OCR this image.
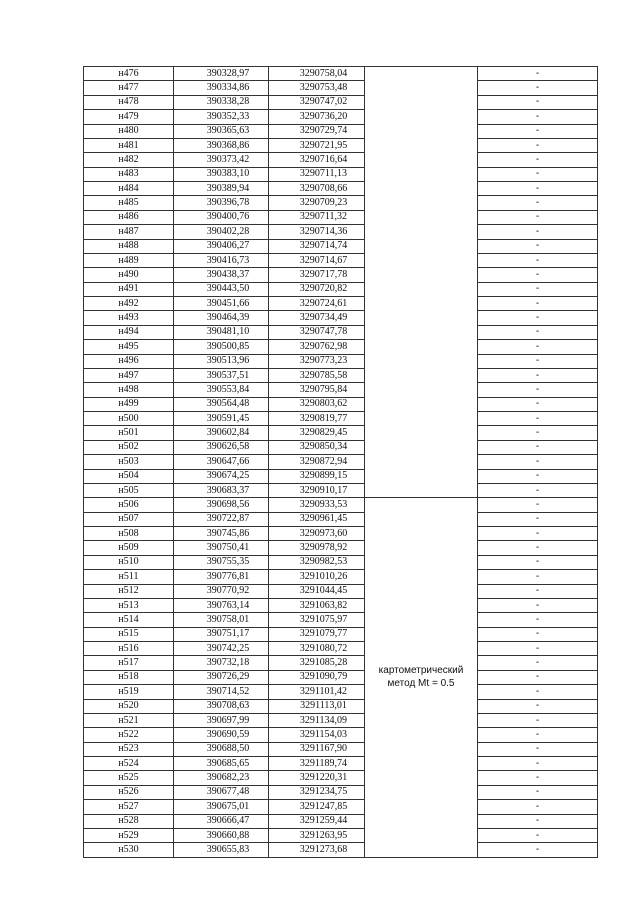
н476	390328,97	3290758,04		-
н477	390334,86	3290753,48		-
н478	390338,28	3290747,02		-
н479	390352,33	3290736,20		-
н480	390365,63	3290729,74		-
н481	390368,86	3290721,95		-
н482	390373,42	3290716,64		-
н483	390383,10	3290711,13		-
н484	390389,94	3290708,66		-
н485	390396,78	3290709,23		-
н486	390400,76	3290711,32		-
н487	390402,28	3290714,36		-
н488	390406,27	3290714,74		-
н489	390416,73	3290714,67		-
н490	390438,37	3290717,78		-
н491	390443,50	3290720,82		-
н492	390451,66	3290724,61		-
н493	390464,39	3290734,49		-
н494	390481,10	3290747,78		-
н495	390500,85	3290762,98		-
н496	390513,96	3290773,23		-
н497	390537,51	3290785,58		-
н498	390553,84	3290795,84		-
н499	390564,48	3290803,62		-
н500	390591,45	3290819,77		-
н501	390602,84	3290829,45		-
н502	390626,58	3290850,34		-
н503	390647,66	3290872,94		-
н504	390674,25	3290899,15		-
н505	390683,37	3290910,17		-
н506	390698,56	3290933,53	картометрический метод Mt = 0.5	-
н507	390722,87	3290961,45		-
н508	390745,86	3290973,60		-
н509	390750,41	3290978,92		-
н510	390755,35	3290982,53		-
н511	390776,81	3291010,26		-
н512	390770,92	3291044,45		-
н513	390763,14	3291063,82		-
н514	390758,01	3291075,97		-
н515	390751,17	3291079,77		-
н516	390742,25	3291080,72		-
н517	390732,18	3291085,28		-
н518	390726,29	3291090,79		-
н519	390714,52	3291101,42		-
н520	390708,63	3291113,01		-
н521	390697,99	3291134,09		-
н522	390690,59	3291154,03		-
н523	390688,50	3291167,90		-
н524	390685,65	3291189,74		-
н525	390682,23	3291220,31		-
н526	390677,48	3291234,75		-
н527	390675,01	3291247,85		-
н528	390666,47	3291259,44		-
н529	390660,88	3291263,95		-
н530	390655,83	3291273,68		-
